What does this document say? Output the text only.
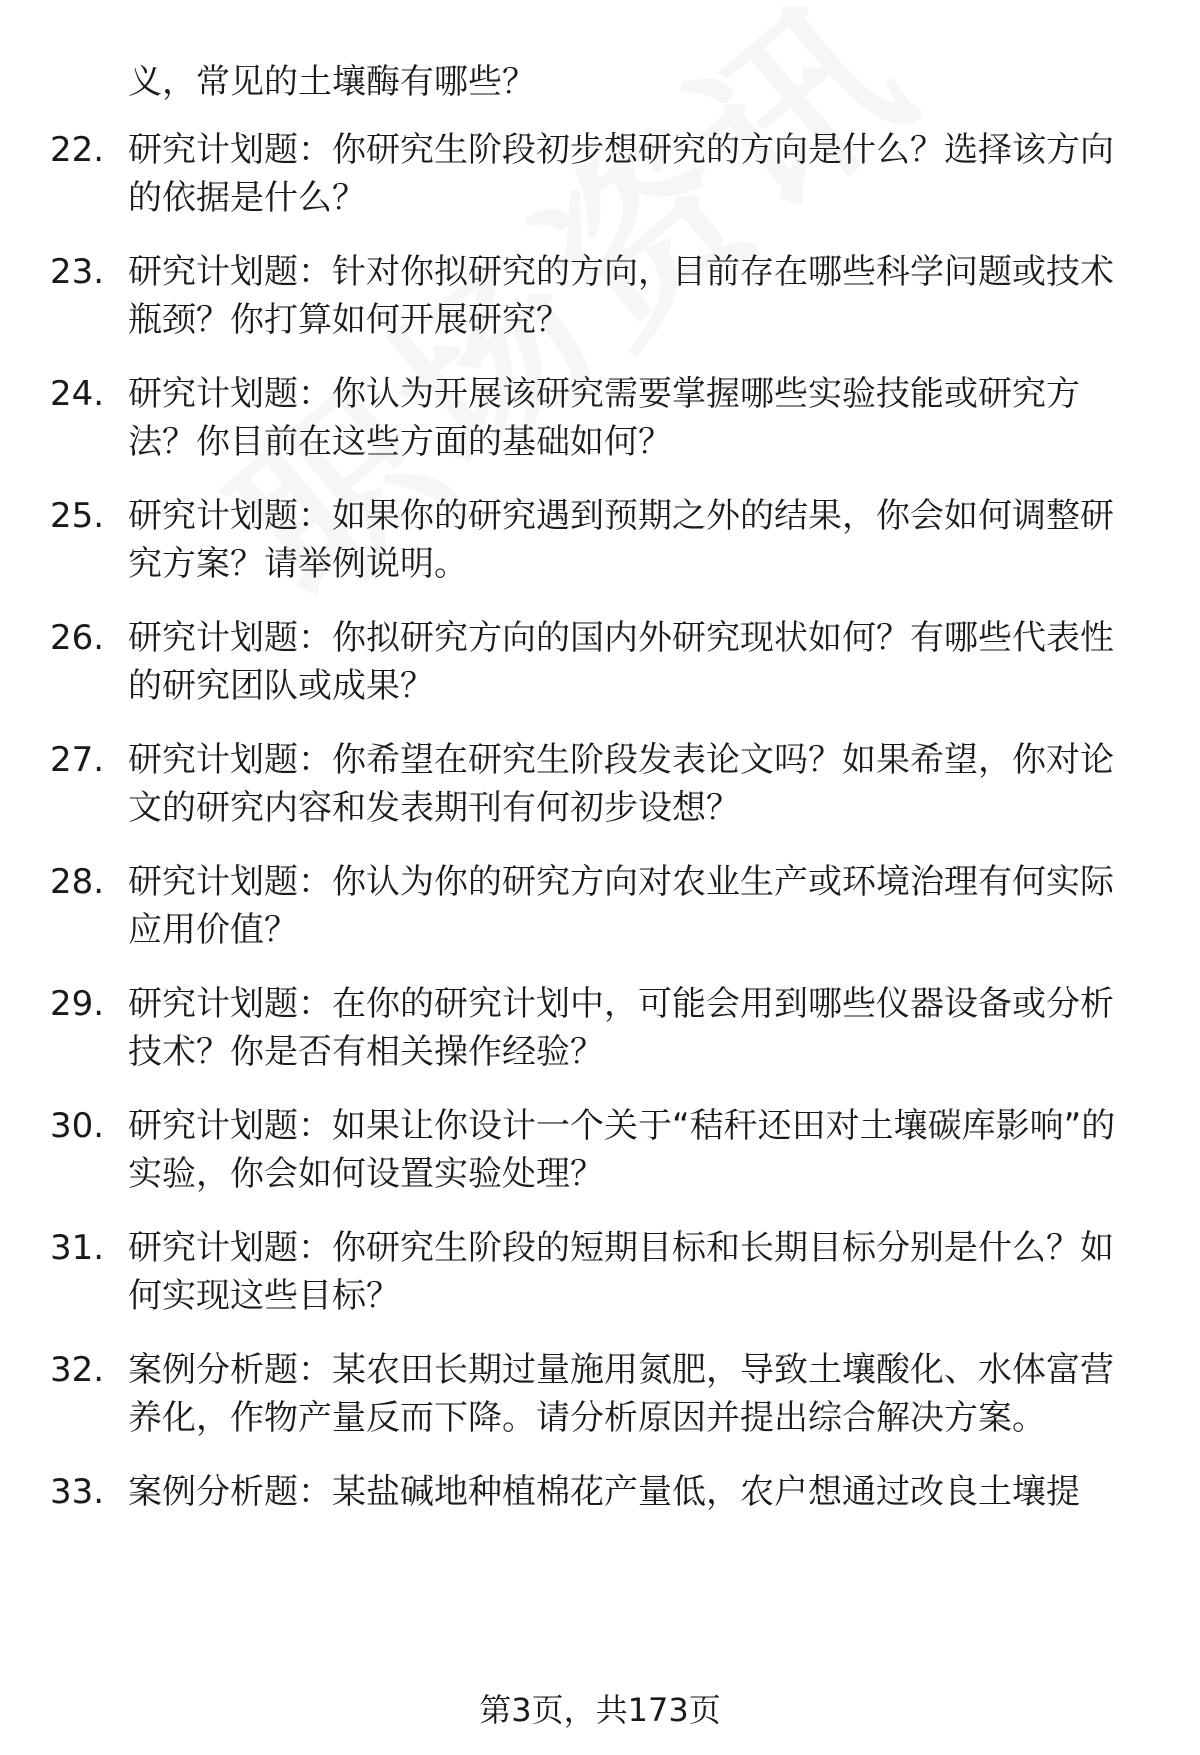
义，常见的土壤酶有哪些？

22. 研究计划题：你研究生阶段初步想研究的方向是什么？选择该方向的依据是什么？
23. 研究计划题：针对你拟研究的方向，目前存在哪些科学问题或技术瓶颈？你打算如何开展研究？
24. 研究计划题：你认为开展该研究需要掌握哪些实验技能或研究方法？你目前在这些方面的基础如何？
25. 研究计划题：如果你的研究遇到预期之外的结果，你会如何调整研究方案？请举例说明。
26. 研究计划题：你拟研究方向的国内外研究现状如何？有哪些代表性的研究团队或成果？
27. 研究计划题：你希望在研究生阶段发表论文吗？如果希望，你对论文的研究内容和发表期刊有何初步设想？
28. 研究计划题：你认为你的研究方向对农业生产或环境治理有何实际应用价值？
29. 研究计划题：在你的研究计划中，可能会用到哪些仪器设备或分析技术？你是否有相关操作经验？
30. 研究计划题：如果让你设计一个关于“秸秆还田对土壤碳库影响”的实验，你会如何设置实验处理？
31. 研究计划题：你研究生阶段的短期目标和长期目标分别是什么？如何实现这些目标？
32. 案例分析题：某农田长期过量施用氮肥，导致土壤酸化、水体富营养化，作物产量反而下降。请分析原因并提出综合解决方案。
33. 案例分析题：某盐碱地种植棉花产量低，农户想通过改良土壤提
第3页，共173页
